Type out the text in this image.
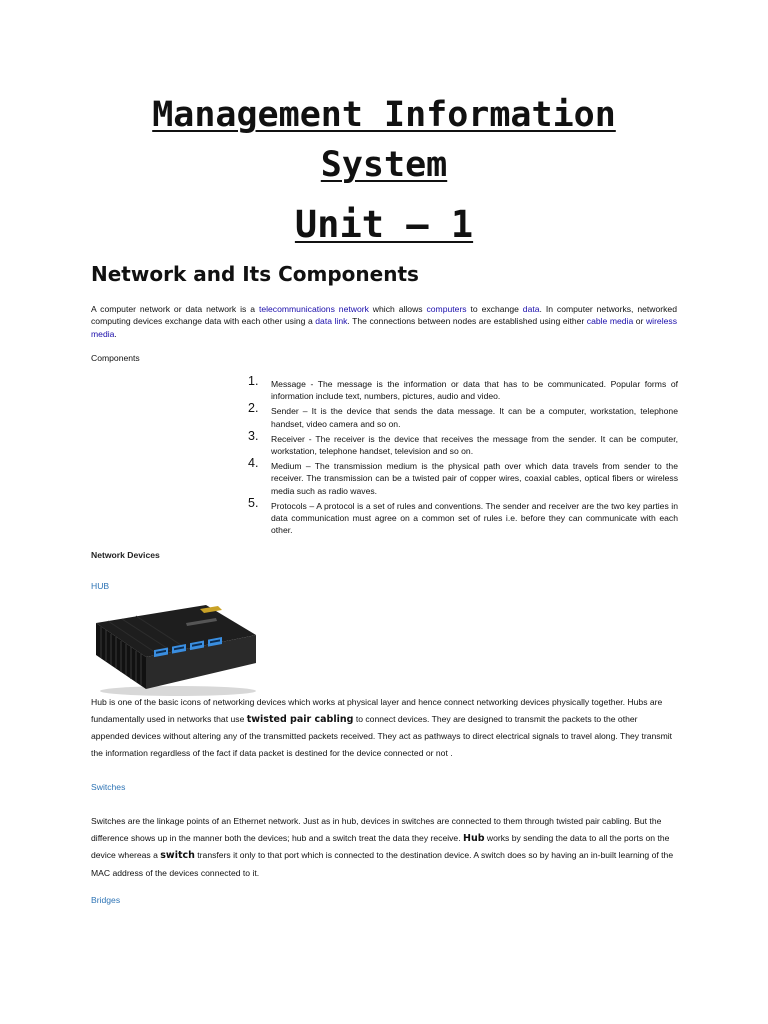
Management Information
System
Unit – 1
Network and Its Components

A computer network or data network is a telecommunications network which allows computers to exchange data. In computer networks, networked computing devices exchange data with each other using a data link. The connections between nodes are established using either cable media or wireless media.

Components

1. Message - The message is the information or data that has to be communicated. Popular forms of information include text, numbers, pictures, audio and video.
2. Sender – It is the device that sends the data message. It can be a computer, workstation, telephone handset, video camera and so on.
3. Receiver - The receiver is the device that receives the message from the sender. It can be computer, workstation, telephone handset, television and so on.
4. Medium – The transmission medium is the physical path over which data travels from sender to the receiver. The transmission can be a twisted pair of copper wires, coaxial cables, optical fibers or wireless media such as radio waves.
5. Protocols – A protocol is a set of rules and conventions. The sender and receiver are the two key parties in data communication must agree on a common set of rules i.e. before they can communicate with each other.

Network Devices

HUB

Hub is one of the basic icons of networking devices which works at physical layer and hence connect networking devices physically together. Hubs are fundamentally used in networks that use twisted pair cabling to connect devices. They are designed to transmit the packets to the other appended devices without altering any of the transmitted packets received. They act as pathways to direct electrical signals to travel along. They transmit the information regardless of the fact if data packet is destined for the device connected or not .

Switches

Switches are the linkage points of an Ethernet network. Just as in hub, devices in switches are connected to them through twisted pair cabling. But the difference shows up in the manner both the devices; hub and a switch treat the data they receive. Hub works by sending the data to all the ports on the device whereas a switch transfers it only to that port which is connected to the destination device. A switch does so by having an in-built learning of the MAC address of the devices connected to it.

Bridges
